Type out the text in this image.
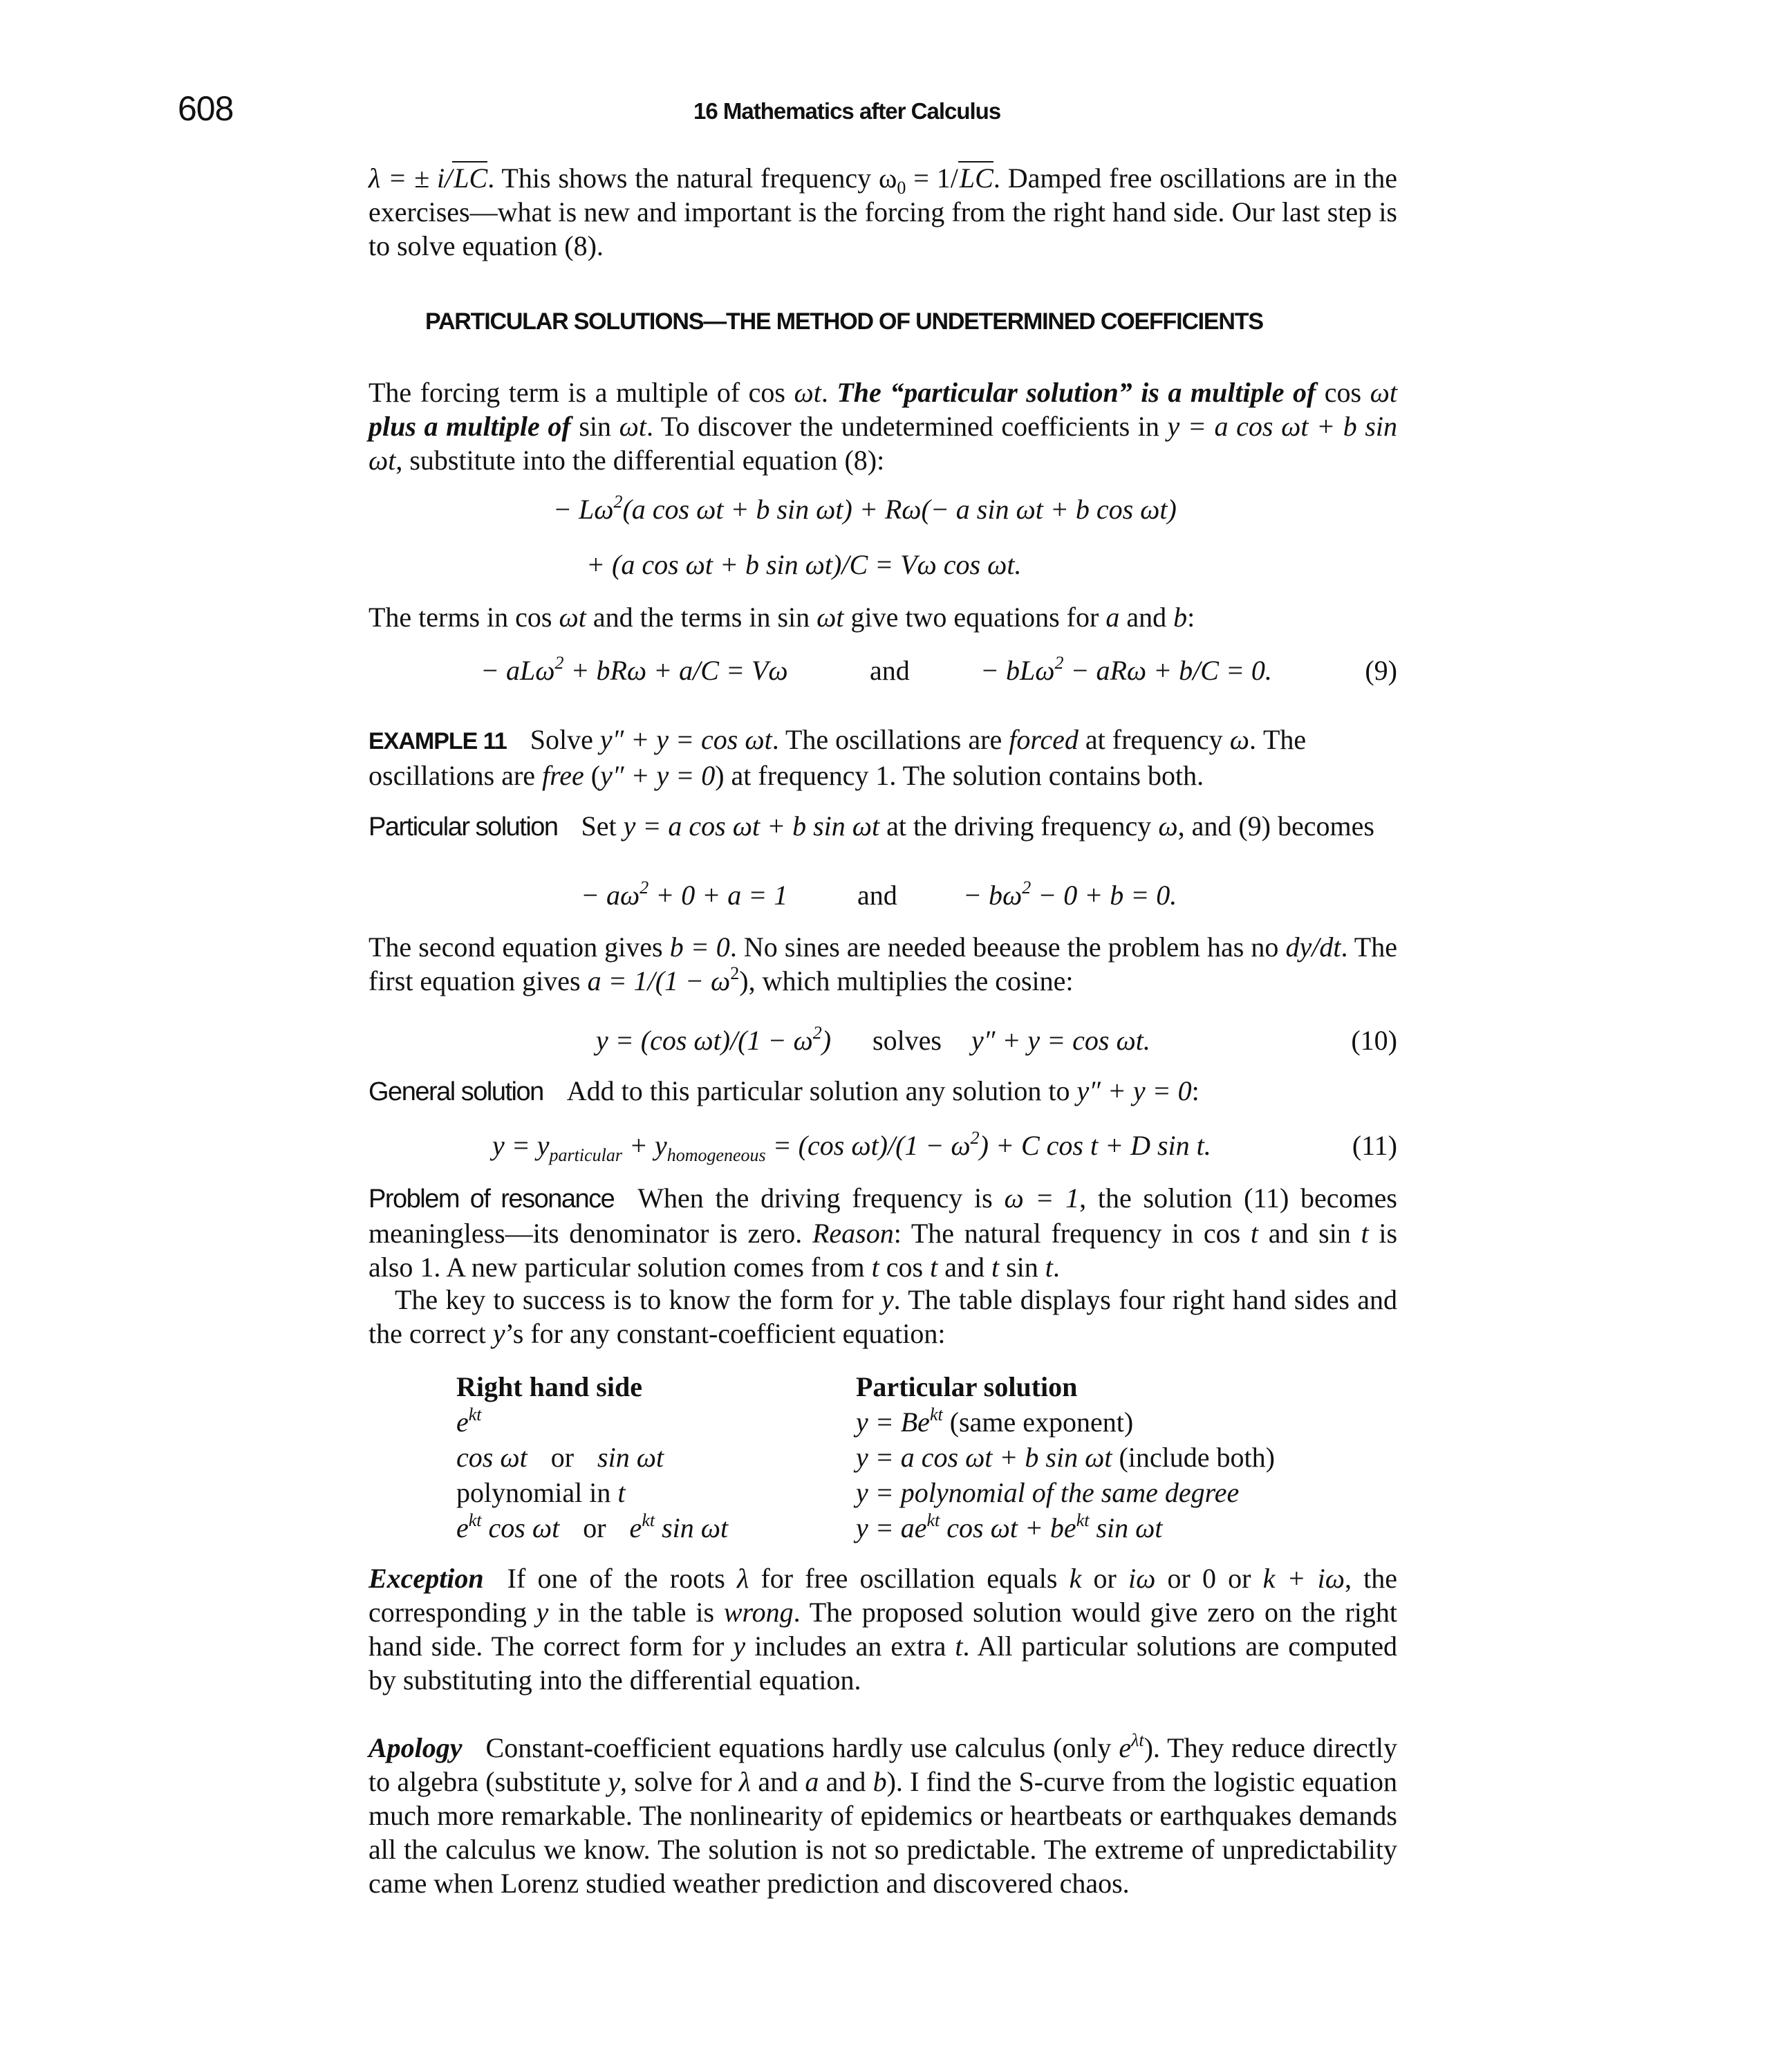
608	16 Mathematics after Calculus
λ = ± i/LC. This shows the natural frequency $\omega_0 = 1/LC$. Damped free oscillations are in the exercises—what is new and important is the forcing from the right hand side. Our last step is to solve equation (8).
PARTICULAR SOLUTIONS—THE METHOD OF UNDETERMINED COEFFICIENTS
The forcing term is a multiple of cos ωt. The “particular solution” is a multiple of cos ωt plus a multiple of sin ωt. To discover the undetermined coefficients in y = a cos ωt + b sin ωt, substitute into the differential equation (8):
− $L\omega^2(a$ cos ωt + b sin ωt) + Rω(− a sin ωt + b cos ωt)
+ (a cos ωt + b sin ωt)/C = Vω cos ωt.
The terms in cos ωt and the terms in sin ωt give two equations for a and b:
− aLω$^2$ + bRω + a/C = Vω	and	− bLω$^2$ − aRω + b/C = 0.	(9)
EXAMPLE 11 Solve y″ + y = cos ωt. The oscillations are forced at frequency ω. The oscillations are free (y″ + y = 0) at frequency 1. The solution contains both.
Particular solution Set y = a cos ωt + b sin ωt at the driving frequency ω, and (9) becomes
− $a\omega^2 + 0 + a = 1$	and − $b\omega^2 - 0 + b = 0$.
The second equation gives b = 0. No sines are needed beeause the problem has no dy/dt. The first equation gives $a = 1/(1 - \omega^2)$, which multiplies the cosine:
y = (cos $\omega t)/(1 - \omega^2)$ solves y″ + y = cos ωt.	(10)
General solution Add to this particular solution any solution to y″ + y = 0:
$y = y_{particular} + y_{homogeneous} = (\cos$ $\omega t)/(1 - \omega^2) + C$ cos t + D sin t.	(11)
Problem of resonance When the driving frequency is ω = 1, the solution (11) becomes meaningless—its denominator is zero. Reason: The natural frequency in cos t and sin t is also 1. A new particular solution comes from t cos t and t sin t.
The key to success is to know the form for y. The table displays four right hand sides and the correct y’s for any constant-coefficient equation:
Right hand side	Particular solution
$e^{kt}$	$y = Be^{kt}$ (same exponent)
cos ωt or sin ωt	y = a cos ωt + b sin ωt (include both)
polynomial in t	y = polynomial of the same degree
$e^{kt}$ cos ωt or $e^{kt}$ sin ωt	$y = ae^{kt}$ $\cos \omega t + be^{kt}$ sin ωt
Exception If one of the roots λ for free oscillation equals k or iω or 0 or k + iω, the corresponding y in the table is wrong. The proposed solution would give zero on the right hand side. The correct form for y includes an extra t. All particular solutions are computed by substituting into the differential equation.
Apology Constant-coefficient equations hardly use calculus (only $e^{\lambda t}$). They reduce directly to algebra (substitute y, solve for λ and a and b). I find the S-curve from the logistic equation much more remarkable. The nonlinearity of epidemics or heartbeats or earthquakes demands all the calculus we know. The solution is not so predictable. The extreme of unpredictability came when Lorenz studied weather prediction and discovered chaos.
